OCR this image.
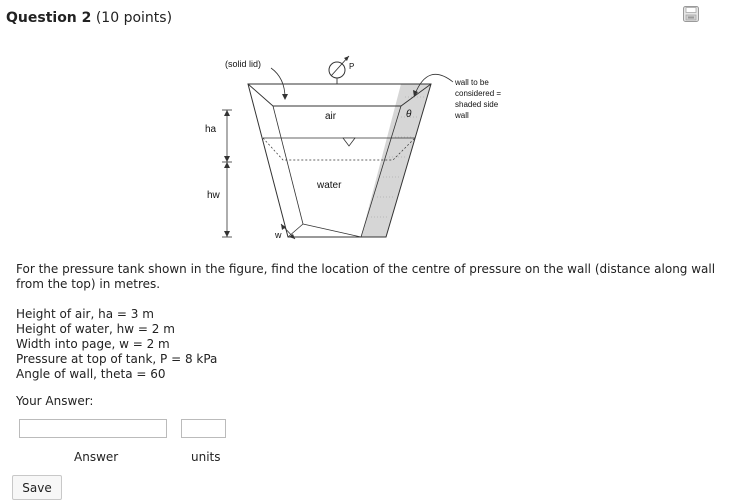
Question 2 (10 points)
(solid lid)	P
air
water
θ
wall to be
considered =
shaded side
wall
ha
hw
w
For the pressure tank shown in the figure, find the location of the centre of pressure on the wall (distance along wall from the top) in metres.
Height of air, ha = 3 m
Height of water, hw = 2 m
Width into page, w = 2 m
Pressure at top of tank, P = 8 kPa
Angle of wall, theta = 60
Your Answer:
Answer	units
Save
